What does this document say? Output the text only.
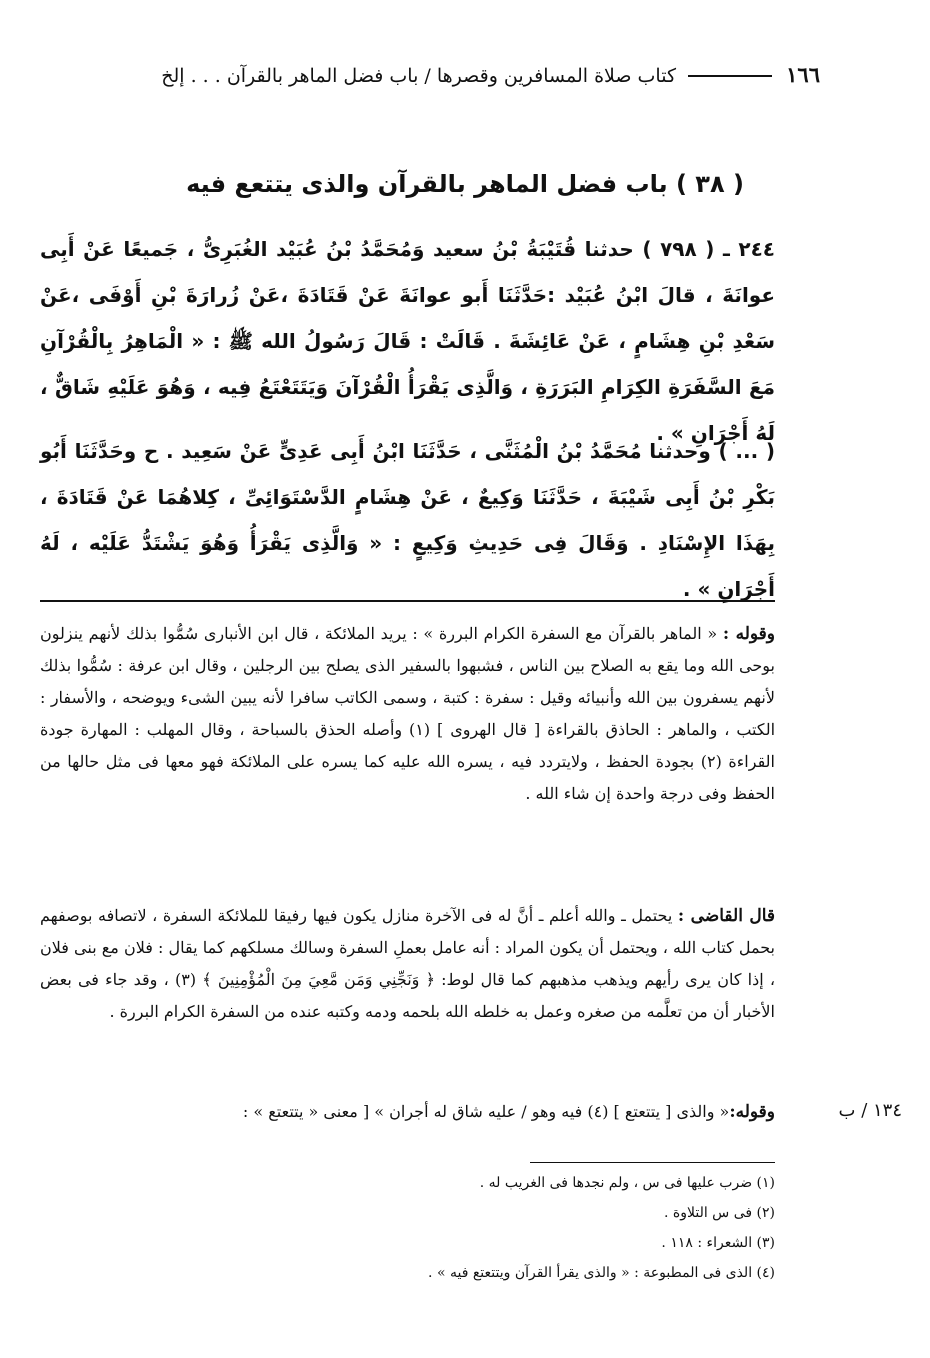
١٦٦
كتاب صلاة المسافرين وقصرها / باب فضل الماهر بالقرآن . . . إلخ
( ٣٨ ) باب فضل الماهر بالقرآن والذى يتتعع فيه
٢٤٤ ـ ( ٧٩٨ ) حدثنا قُتَيْبَةُ بْنُ سعيد وَمُحَمَّدُ بْنُ عُبَيْد الغُبَرِىُّ ، جَميعًا عَنْ أَبِى عوانَةَ ، قالَ ابْنُ عُبَيْد :حَدَّثَنَا أَبو عوانَةَ عَنْ قَتَادَةَ ،عَنْ زُرارَةَ بْنِ أَوْفَى ،عَنْ سَعْدِ بْنِ هِشَامٍ ، عَنْ عَائِشَةَ . قَالَتْ : قَالَ رَسُولُ الله ﷺ : « الْمَاهِرُ بِالْقُرْآنِ مَعَ السَّفَرَةِ الكِرَامِ البَرَرَةِ ، وَالَّذِى يَقْرَأُ الْقُرْآنَ وَيَتَتَعْتَعُ فِيه ، وَهُوَ عَلَيْهِ شَاقٌّ ، لَهُ أَجْرَانِ » .
( ... ) وحدثنا مُحَمَّدُ بْنُ الْمُثَنَّى ، حَدَّثَنَا ابْنُ أَبِى عَدِىٍّ عَنْ سَعِيد . ح وحَدَّثَنَا أَبُو بَكْرِ بْنُ أَبِى شَيْبَةَ ، حَدَّثَنَا وَكِيعٌ ، عَنْ هِشَامٍ الدَّسْتَوَائِىِّ ، كِلاهُمَا عَنْ قَتَادَةَ ، بِهَذَا الإِسْنَادِ . وَقَالَ فِى حَدِيثِ وَكِيعٍ : « وَالَّذِى يَقْرَأُ وَهُوَ يَشْتَدُّ عَلَيْه ، لَهُ أَجْرَانِ » .
وقوله : « الماهر بالقرآن مع السفرة الكرام البررة » : يريد الملائكة ، قال ابن الأنبارى سُمُّوا بذلك لأنهم ينزلون بوحى الله وما يقع به الصلاح بين الناس ، فشبهوا بالسفير الذى يصلح بين الرجلين ، وقال ابن عرفة : سُمُّوا بذلك لأنهم يسفرون بين الله وأنبيائه وقيل : سفرة : كتبة ، وسمى الكاتب سافرا لأنه يبين الشىء ويوضحه ، والأسفار : الكتب ، والماهر : الحاذق بالقراءة [ قال الهروى ] (١) وأصله الحذق بالسباحة ، وقال المهلب : المهارة جودة القراءة (٢) بجودة الحفظ ، ولايتردد فيه ، يسره الله عليه كما يسره على الملائكة فهو معها فى مثل حالها من الحفظ وفى درجة واحدة إن شاء الله .
قال القاضى : يحتمل ـ والله أعلم ـ أنَّ له فى الآخرة منازل يكون فيها رفيقا للملائكة السفرة ، لاتصافه بوصفهم بحمل كتاب الله ، ويحتمل أن يكون المراد : أنه عامل بعملِ السفرة وسالك مسلكهم كما يقال : فلان مع بنى فلان ، إذا كان يرى رأيهم ويذهب مذهبهم كما قال لوط: ﴿ وَنَجِّنِي وَمَن مَّعِيَ مِنَ الْمُؤْمِنِينَ ﴾ (٣) ، وقد جاء فى بعض الأخبار أن من تعلَّمه من صغره وعمل به خلطه الله بلحمه ودمه وكتبه عنده من السفرة الكرام البررة .
وقوله:« والذى [ يتتعتع ] (٤) فيه وهو / عليه شاق له أجران » [ معنى « يتتعتع » :	١٣٤ / ب
(١) ضرب عليها فى س ، ولم نجدها فى الغريب له .
(٢) فى س التلاوة .
(٣) الشعراء : ١١٨ .
(٤) الذى فى المطبوعة : « والذى يقرأ القرآن ويتتعتع فيه » .
